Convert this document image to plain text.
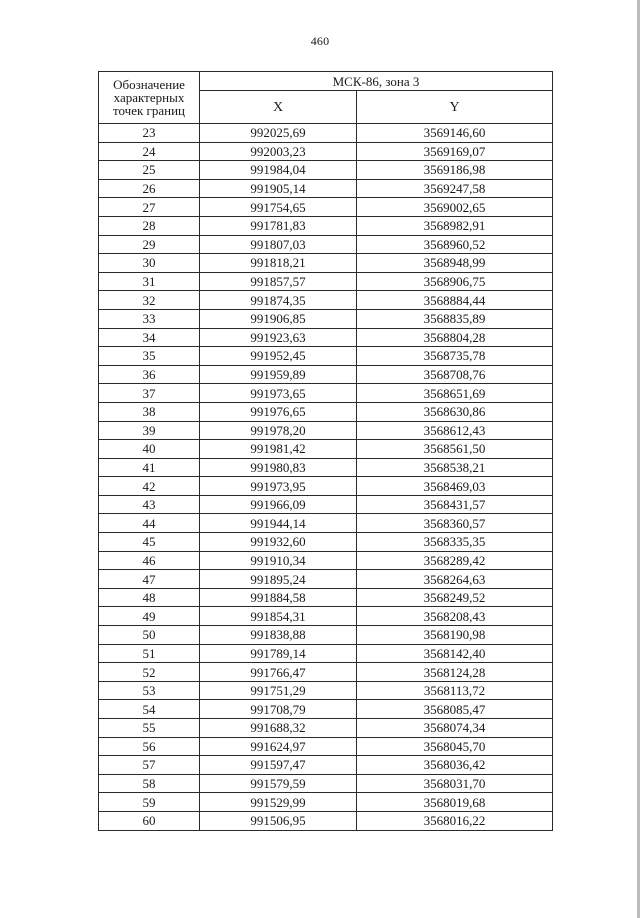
460
Обозначение характерных точек границ	МСК-86, зона 3	
	X	Y
23	992025,69	3569146,60
24	992003,23	3569169,07
25	991984,04	3569186,98
26	991905,14	3569247,58
27	991754,65	3569002,65
28	991781,83	3568982,91
29	991807,03	3568960,52
30	991818,21	3568948,99
31	991857,57	3568906,75
32	991874,35	3568884,44
33	991906,85	3568835,89
34	991923,63	3568804,28
35	991952,45	3568735,78
36	991959,89	3568708,76
37	991973,65	3568651,69
38	991976,65	3568630,86
39	991978,20	3568612,43
40	991981,42	3568561,50
41	991980,83	3568538,21
42	991973,95	3568469,03
43	991966,09	3568431,57
44	991944,14	3568360,57
45	991932,60	3568335,35
46	991910,34	3568289,42
47	991895,24	3568264,63
48	991884,58	3568249,52
49	991854,31	3568208,43
50	991838,88	3568190,98
51	991789,14	3568142,40
52	991766,47	3568124,28
53	991751,29	3568113,72
54	991708,79	3568085,47
55	991688,32	3568074,34
56	991624,97	3568045,70
57	991597,47	3568036,42
58	991579,59	3568031,70
59	991529,99	3568019,68
60	991506,95	3568016,22
